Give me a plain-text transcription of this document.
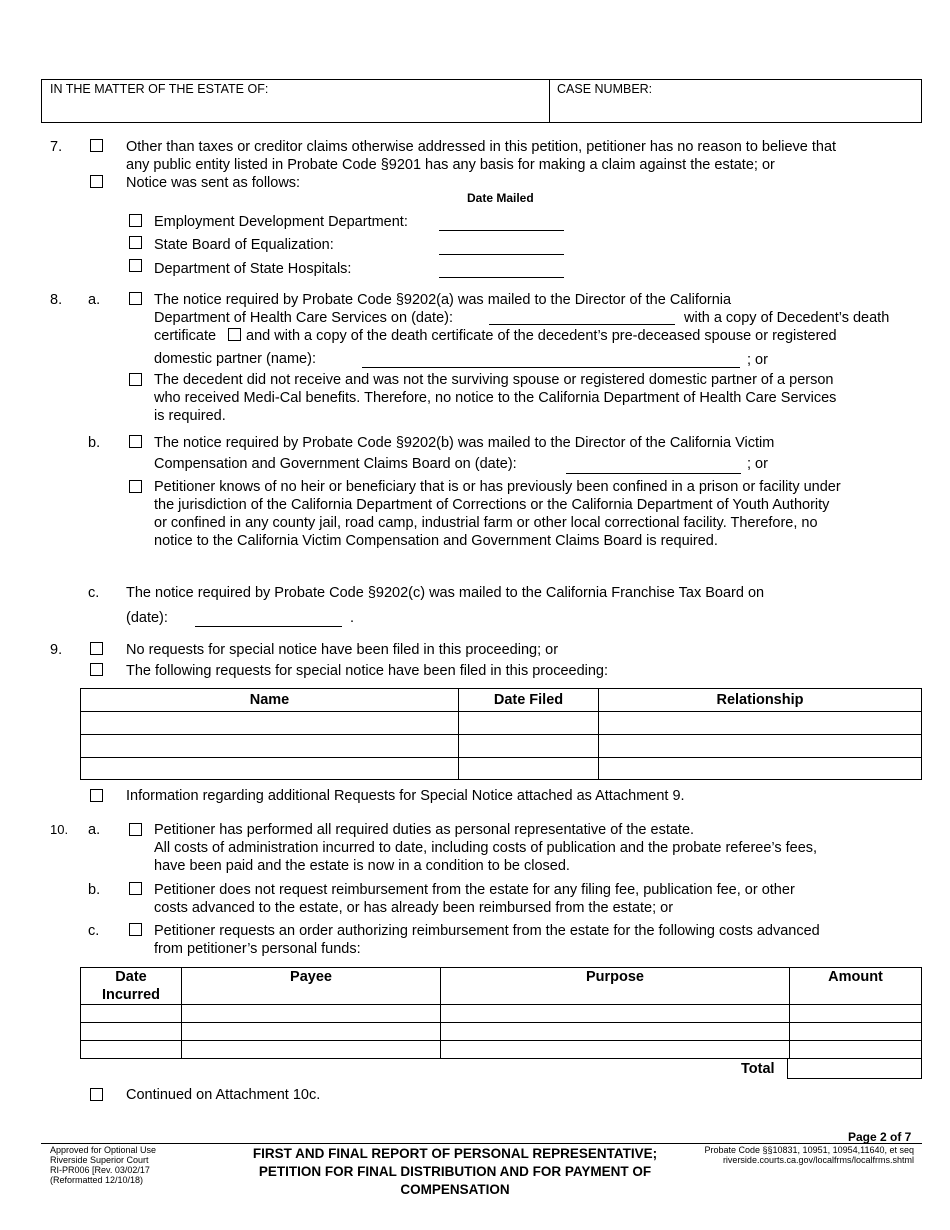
IN THE MATTER OF THE ESTATE OF:	CASE NUMBER:
7.	Other than taxes or creditor claims otherwise addressed in this petition, petitioner has no reason to believe that
any public entity listed in Probate Code §9201 has any basis for making a claim against the estate; or
Notice was sent as follows:
Date Mailed
Employment Development Department:
State Board of Equalization:
Department of State Hospitals:
8. a.	The notice required by Probate Code §9202(a) was mailed to the Director of the California
Department of Health Care Services on (date):	with a copy of Decedent’s death
certificate and with a copy of the death certificate of the decedent’s pre-deceased spouse or registered
domestic partner (name):	; or
The decedent did not receive and was not the surviving spouse or registered domestic partner of a person
who received Medi-Cal benefits. Therefore, no notice to the California Department of Health Care Services
is required.
b.	The notice required by Probate Code §9202(b) was mailed to the Director of the California Victim
Compensation and Government Claims Board on (date):	; or
Petitioner knows of no heir or beneficiary that is or has previously been confined in a prison or facility under
the jurisdiction of the California Department of Corrections or the California Department of Youth Authority
or confined in any county jail, road camp, industrial farm or other local correctional facility. Therefore, no
notice to the California Victim Compensation and Government Claims Board is required.
c. The notice required by Probate Code §9202(c) was mailed to the California Franchise Tax Board on
(date):	.
9.	No requests for special notice have been filed in this proceeding; or
The following requests for special notice have been filed in this proceeding:
Name	Date Filed	Relationship

Information regarding additional Requests for Special Notice attached as Attachment 9.
10. a.	Petitioner has performed all required duties as personal representative of the estate.
All costs of administration incurred to date, including costs of publication and the probate referee’s fees,
have been paid and the estate is now in a condition to be closed.
b.	Petitioner does not request reimbursement from the estate for any filing fee, publication fee, or other
costs advanced to the estate, or has already been reimbursed from the estate; or
c.	Petitioner requests an order authorizing reimbursement from the estate for the following costs advanced
from petitioner’s personal funds:
Date
Incurred	Payee	Purpose	Amount

Total
Continued on Attachment 10c.
Page 2 of 7
Approved for Optional Use
Riverside Superior Court
RI-PR006 [Rev. 03/02/17
(Reformatted 12/10/18)
FIRST AND FINAL REPORT OF PERSONAL REPRESENTATIVE;
PETITION FOR FINAL DISTRIBUTION AND FOR PAYMENT OF
COMPENSATION
Probate Code §§10831, 10951, 10954,11640, et seq
riverside.courts.ca.gov/localfrms/localfrms.shtml
